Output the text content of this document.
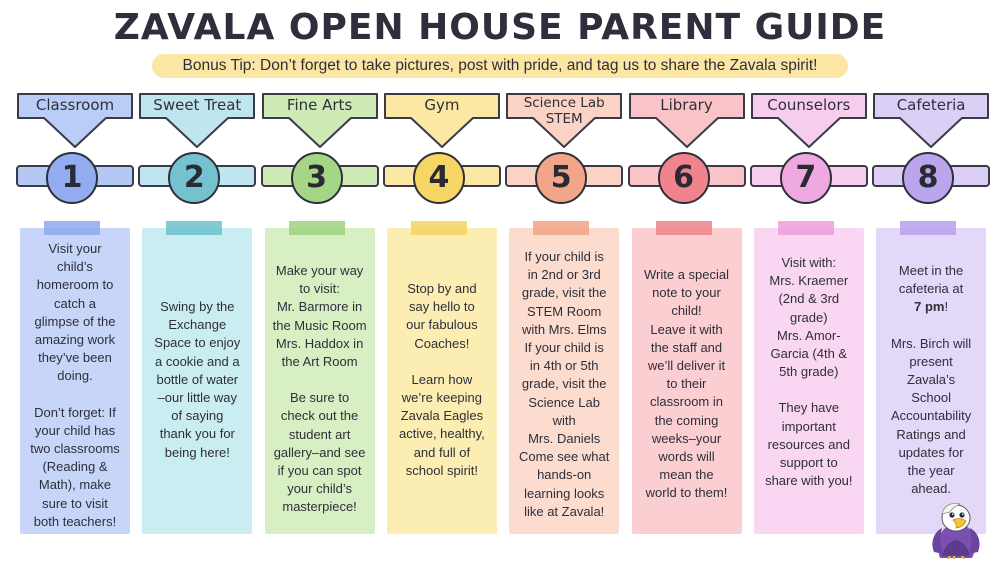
ZAVALA OPEN HOUSE PARENT GUIDE
Bonus Tip: Don’t forget to take pictures, post with pride, and tag us to share the Zavala spirit!
Classroom
1

Visit your

child’s

homeroom to

catch a

glimpse of the

amazing work

they’ve been

doing.

Don’t forget: If

your child has

two classrooms

(Reading &

Math), make

sure to visit

both teachers!

Sweet Treat
2

Swing by the

Exchange

Space to enjoy

a cookie and a

bottle of water

–our little way

of saying

thank you for

being here!

Fine Arts
3

Make your way

to visit:

Mr. Barmore in

the Music Room

Mrs. Haddox in

the Art Room

Be sure to

check out the

student art

gallery–and see

if you can spot

your child’s

masterpiece!

Gym
4

Stop by and

say hello to

our fabulous

Coaches!

Learn how

we’re keeping

Zavala Eagles

active, healthy,

and full of

school spirit!

Science Lab
STEM
5

If your child is

in 2nd or 3rd

grade, visit the

STEM Room

with Mrs. Elms

If your child is

in 4th or 5th

grade, visit the

Science Lab

with

Mrs. Daniels

Come see what

hands-on

learning looks

like at Zavala!

Library
6

Write a special

note to your

child!

Leave it with

the staff and

we’ll deliver it

to their

classroom in

the coming

weeks–your

words will

mean the

world to them!

Counselors
7

Visit with:

Mrs. Kraemer

(2nd & 3rd

grade)

Mrs. Amor-

Garcia (4th &

5th grade)

They have

important

resources and

support to

share with you!

Cafeteria
8

Meet in the

cafeteria at

7 pm!

Mrs. Birch will

present

Zavala’s

School

Accountability

Ratings and

updates for

the year

ahead.
